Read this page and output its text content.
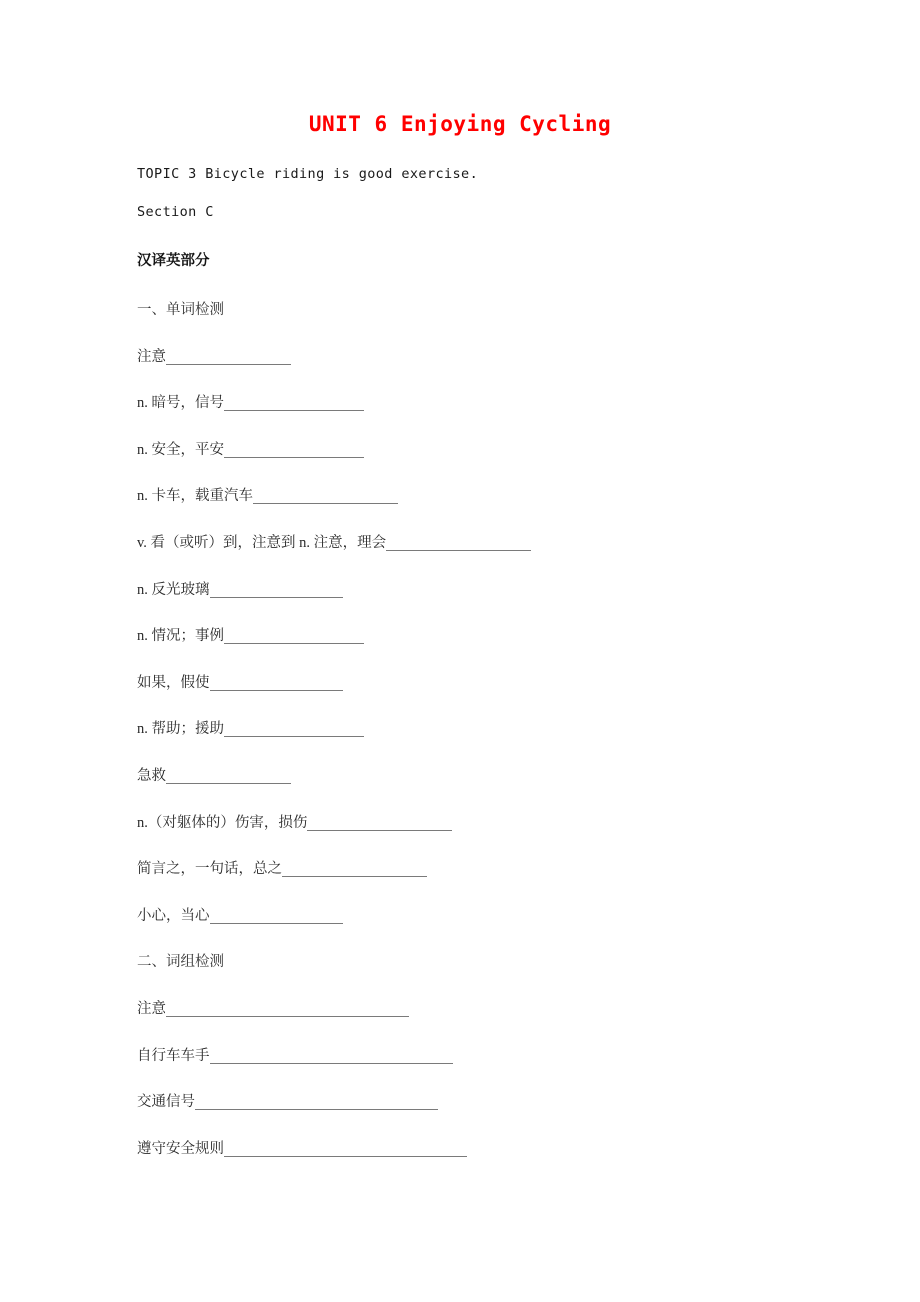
UNIT 6 Enjoying Cycling
TOPIC 3 Bicycle riding is good exercise.
Section C
汉译英部分
一、单词检测
注意
n. 暗号，信号
n. 安全，平安
n. 卡车，载重汽车
v. 看（或听）到，注意到 n. 注意，理会
n. 反光玻璃
n. 情况；事例
如果，假使
n. 帮助；援助
急救
n.（对躯体的）伤害，损伤
简言之，一句话，总之
小心，当心
二、词组检测
注意
自行车车手
交通信号
遵守安全规则
